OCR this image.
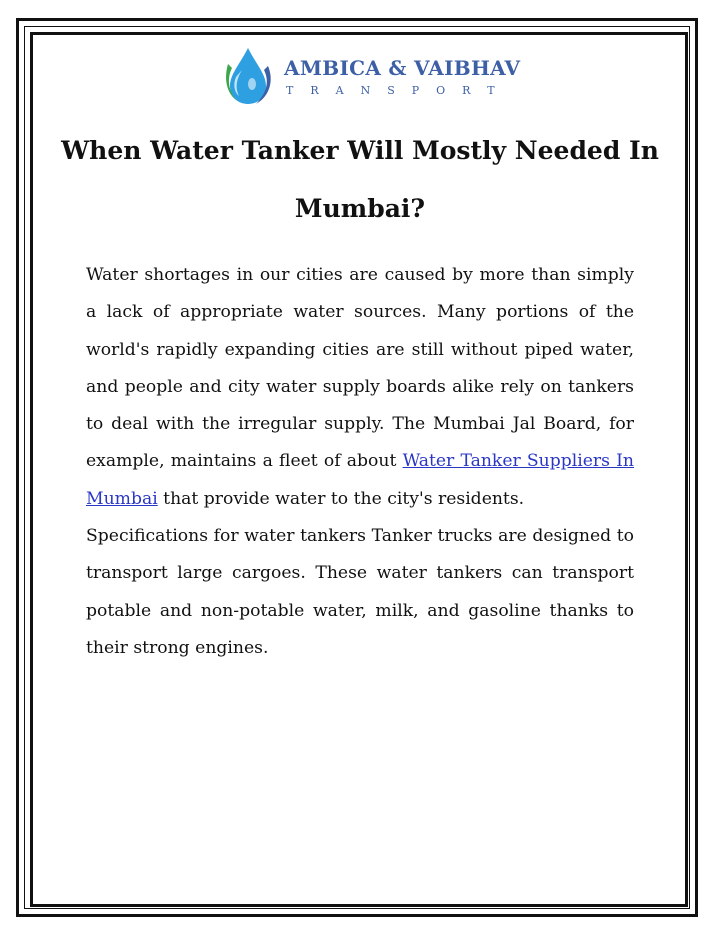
AMBICA & VAIBHAV
TRANSPORT
When Water Tanker Will Mostly Needed In Mumbai?

Water shortages in our cities are caused by more than simply a lack of appropriate water sources. Many portions of the world's rapidly expanding cities are still without piped water, and people and city water supply boards alike rely on tankers to deal with the irregular supply. The Mumbai Jal Board, for example, maintains a fleet of about Water Tanker Suppliers In Mumbai that provide water to the city's residents.

Specifications for water tankers Tanker trucks are designed to transport large cargoes. These water tankers can transport potable and non-potable water, milk, and gasoline thanks to their strong engines.
